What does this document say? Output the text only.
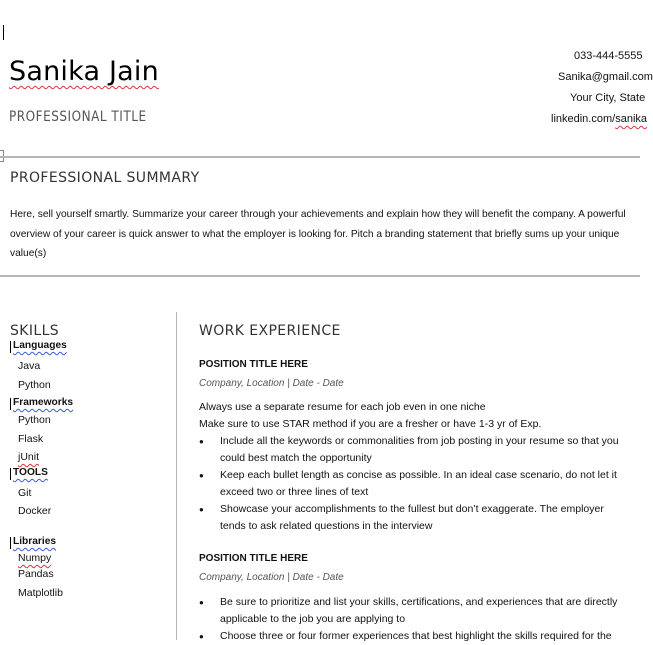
Sanika Jain
PROFESSIONAL TITLE
033-444-5555
Sanika@gmail.com
Your City, State
linkedin.com/sanika
PROFESSIONAL SUMMARY
Here, sell yourself smartly. Summarize your career through your achievements and explain how they will benefit the company. A powerful
overview of your career is quick answer to what the employer is looking for. Pitch a branding statement that briefly sums up your unique
value(s)
SKILLS
Languages
Java
Python
Frameworks
Python
Flask
jUnit
TOOLS
Git
Docker
Libraries
Numpy
Pandas
Matplotlib
WORK EXPERIENCE
POSITION TITLE HERE
Company, Location | Date - Date
Always use a separate resume for each job even in one niche
Make sure to use STAR method if you are a fresher or have 1-3 yr of Exp.
● Include all the keywords or commonalities from job posting in your resume so that you could best match the opportunity
● Keep each bullet length as concise as possible. In an ideal case scenario, do not let it exceed two or three lines of text
● Showcase your accomplishments to the fullest but don’t exaggerate. The employer tends to ask related questions in the interview
POSITION TITLE HERE
Company, Location | Date - Date
● Be sure to prioritize and list your skills, certifications, and experiences that are directly applicable to the job you are applying to
● Choose three or four former experiences that best highlight the skills required for the
